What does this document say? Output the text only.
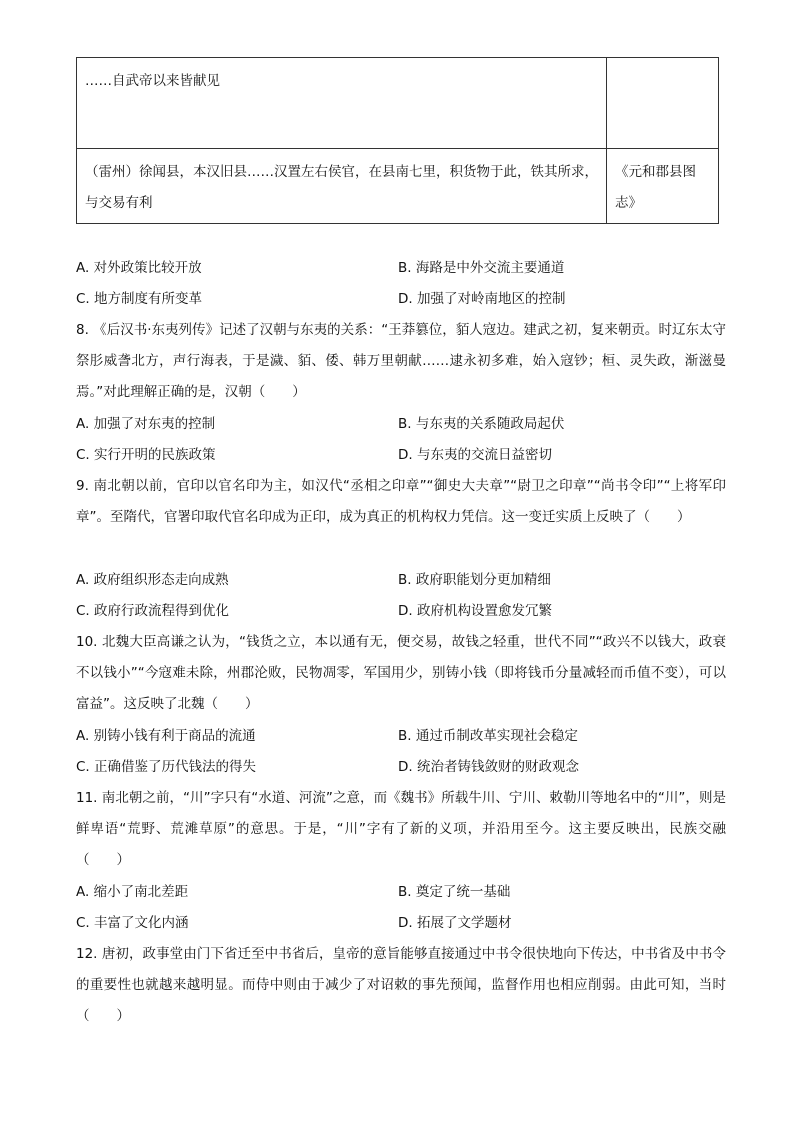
……自武帝以来皆献见	
（雷州）徐闻县，本汉旧县……汉置左右侯官，在县南七里，积货物于此，铁其所求，与交易有利	《元和郡县图志》
A. 对外政策比较开放	B. 海路是中外交流主要通道
C. 地方制度有所变革	D. 加强了对岭南地区的控制
8. 《后汉书·东夷列传》记述了汉朝与东夷的关系：“王莽篡位，貊人寇边。建武之初，复来朝贡。时辽东太守祭肜威詟北方，声行海表，于是濊、貊、倭、韩万里朝献……逮永初多难，始入寇钞；桓、灵失政，渐滋曼焉。”对此理解正确的是，汉朝（　　）
A. 加强了对东夷的控制	B. 与东夷的关系随政局起伏
C. 实行开明的民族政策	D. 与东夷的交流日益密切
9. 南北朝以前，官印以官名印为主，如汉代“丞相之印章”“御史大夫章”“尉卫之印章”“尚书令印”“上将军印章”。至隋代，官署印取代官名印成为正印，成为真正的机构权力凭信。这一变迁实质上反映了（　　）
A. 政府组织形态走向成熟	B. 政府职能划分更加精细
C. 政府行政流程得到优化	D. 政府机构设置愈发冗繁
10. 北魏大臣高谦之认为，“钱货之立，本以通有无，便交易，故钱之轻重，世代不同”“政兴不以钱大，政衰不以钱小”“今寇难未除，州郡沦败，民物凋零，军国用少，别铸小钱（即将钱币分量减轻而币值不变），可以富益”。这反映了北魏（　　）
A. 别铸小钱有利于商品的流通	B. 通过币制改革实现社会稳定
C. 正确借鉴了历代钱法的得失	D. 统治者铸钱敛财的财政观念
11. 南北朝之前，“川”字只有“水道、河流”之意，而《魏书》所载牛川、宁川、敕勒川等地名中的“川”，则是鲜卑语“荒野、荒滩草原”的意思。于是，“川”字有了新的义项，并沿用至今。这主要反映出，民族交融（　　）
A. 缩小了南北差距	B. 奠定了统一基础
C. 丰富了文化内涵	D. 拓展了文学题材
12. 唐初，政事堂由门下省迁至中书省后，皇帝的意旨能够直接通过中书令很快地向下传达，中书省及中书令的重要性也就越来越明显。而侍中则由于减少了对诏敕的事先预闻，监督作用也相应削弱。由此可知，当时（　　）
